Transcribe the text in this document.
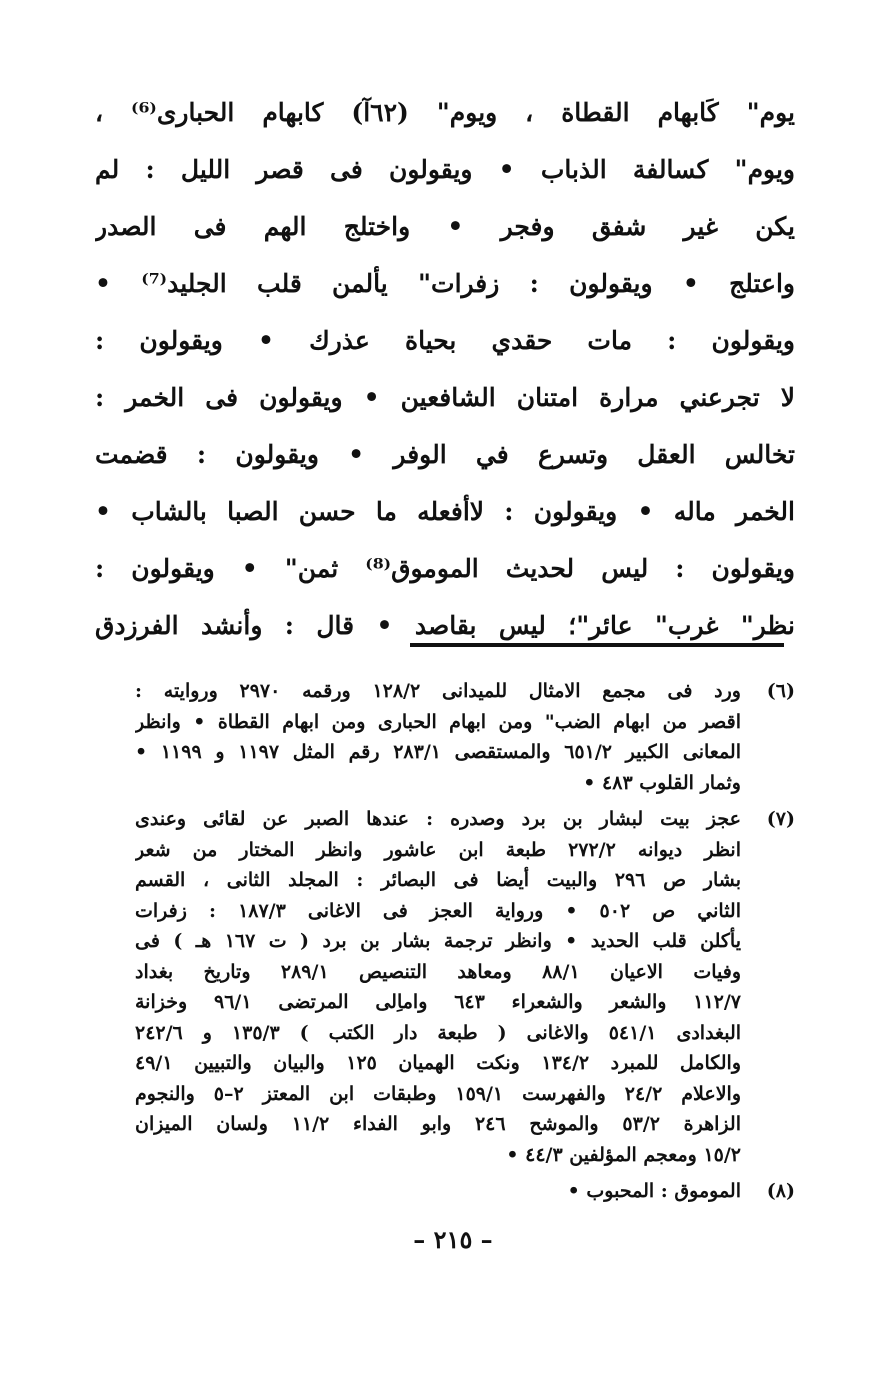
يوم" كَابهام القطاة ، ويوم" (٦٢آ) كابهام الحبارى⁽⁶⁾ ،
ويوم" كسالفة الذباب • ويقولون فى قصر الليل : لم
يكن غير شفق وفجر • واختلج الهم فى الصدر
واعتلج • ويقولون : زفرات" يألمن قلب الجليد⁽⁷⁾ •
ويقولون : مات حقدي بحياة عذرك • ويقولون :
لا تجرعني مرارة امتنان الشافعين • ويقولون فى الخمر :
تخالس العقل وتسرع في الوفر • ويقولون : قضمت
الخمر ماله • ويقولون : لاأفعله ما حسن الصبا بالشاب •
ويقولون : ليس لحديث الموموق⁽⁸⁾ ثمن" • ويقولون :
نظر" غرب" عائر"؛ ليس بقاصد • قال : وأنشد الفرزدق
(٦)
ورد فى مجمع الامثال للميدانى ١٢٨/٢ ورقمه ٢٩٧٠ وروايته :
اقصر من ابهام الضب" ومن ابهام الحبارى ومن ابهام القطاة • وانظر
المعانى الكبير ٦٥١/٢ والمستقصى ٢٨٣/١ رقم المثل ١١٩٧ و ١١٩٩ •
وثمار القلوب ٤٨٣ •
(٧)
عجز بيت لبشار بن برد وصدره : عندها الصبر عن لقائى وعندى
انظر ديوانه ٢٧٢/٢ طبعة ابن عاشور وانظر المختار من شعر
بشار ص ٢٩٦ والبيت أيضا فى البصائر : المجلد الثانى ، القسم
الثاني ص ٥٠٢ • ورواية العجز فى الاغانى ١٨٧/٣ : زفرات
يأكلن قلب الحديد • وانظر ترجمة بشار بن برد ( ت ١٦٧ هـ ) فى
وفيات الاعيان ٨٨/١ ومعاهد التنصيص ٢٨٩/١ وتاريخ بغداد
١١٢/٧ والشعر والشعراء ٦٤٣ واماِلى المرتضى ٩٦/١ وخزانة
البغدادى ٥٤١/١ والاغانى ( طبعة دار الكتب ) ١٣٥/٣ و ٢٤٢/٦
والكامل للمبرد ١٣٤/٢ ونكت الهميان ١٢٥ والبيان والتبيين ٤٩/١
والاعلام ٢٤/٢ والفهرست ١٥٩/١ وطبقات ابن المعتز ٢–٥ والنجوم
الزاهرة ٥٣/٢ والموشح ٢٤٦ وابو الفداء ١١/٢ ولسان الميزان
١٥/٢ ومعجم المؤلفين ٤٤/٣ •
(٨)
الموموق : المحبوب •
– ٢١٥ –
